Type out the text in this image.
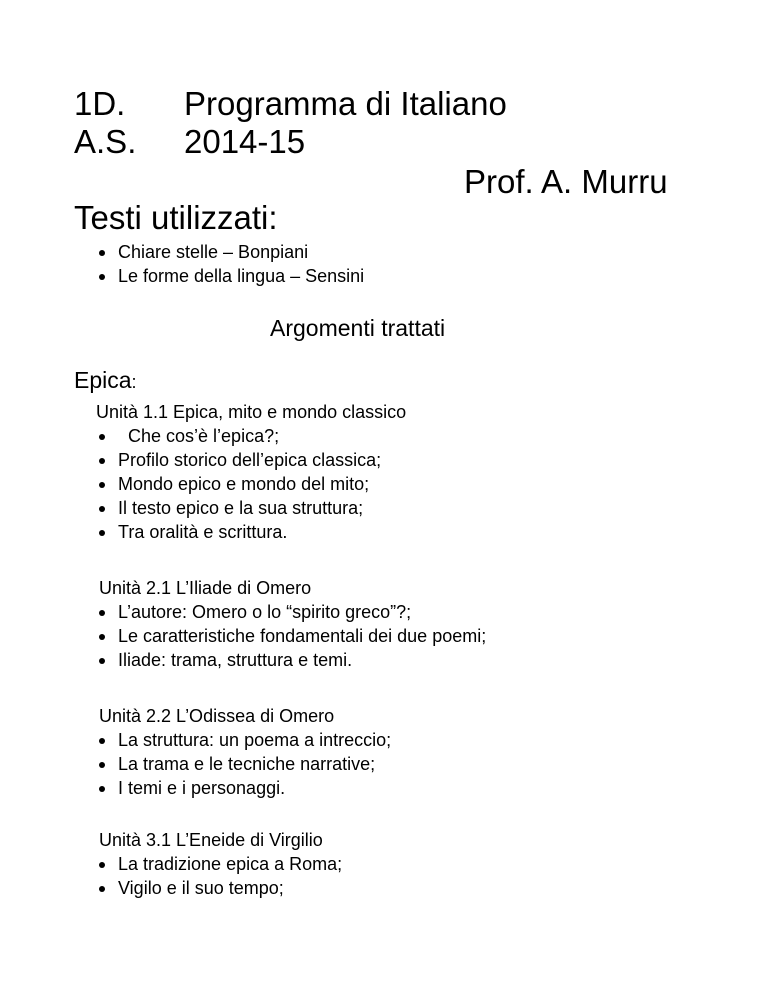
1D. Programma di Italiano
A.S. 2014-15
Prof. A. Murru
Testi utilizzati:
Chiare stelle – Bonpiani
Le forme della lingua – Sensini
Argomenti trattati
Epica:
Unità 1.1 Epica, mito e mondo classico
Che cos’è l’epica?;
Profilo storico dell’epica classica;
Mondo epico e mondo del mito;
Il testo epico e la sua struttura;
Tra oralità e scrittura.
Unità 2.1 L’Iliade di Omero
L’autore: Omero o lo “spirito greco”?;
Le caratteristiche fondamentali dei due poemi;
Iliade: trama, struttura e temi.
Unità 2.2 L’Odissea di Omero
La struttura: un poema a intreccio;
La trama e le tecniche narrative;
I temi e i personaggi.
Unità 3.1 L’Eneide di Virgilio
La tradizione epica a Roma;
Vigilo e il suo tempo;
